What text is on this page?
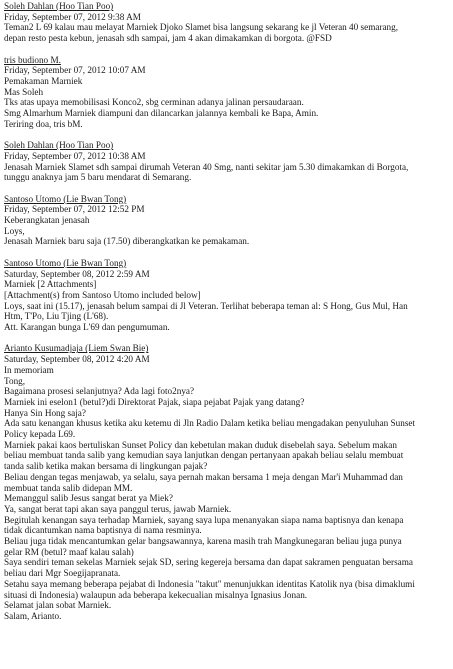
Soleh Dahlan (Hoo Tian Poo)
Friday, September 07, 2012 9:38 AM
Teman2 L 69 kalau mau melayat Marniek Djoko Slamet bisa langsung sekarang ke jl Veteran 40 semarang,
depan resto pesta kebun, jenasah sdh sampai, jam 4 akan dimakamkan di borgota. @FSD
tris budiono M.
Friday, September 07, 2012 10:07 AM
Pemakaman Marniek
Mas Soleh
Tks atas upaya memobilisasi Konco2, sbg cerminan adanya jalinan persaudaraan.
Smg Almarhum Marniek diampuni dan dilancarkan jalannya kembali ke Bapa, Amin.
Teriring doa, tris bM.
Soleh Dahlan (Hoo Tian Poo)
Friday, September 07, 2012 10:38 AM
Jenasah Marniek Slamet sdh sampai dirumah Veteran 40 Smg, nanti sekitar jam 5.30 dimakamkan di Borgota,
tunggu anaknya jam 5 baru mendarat di Semarang.
Santoso Utomo (Lie Bwan Tong)
Friday, September 07, 2012 12:52 PM
Keberangkatan jenasah
Loys,
Jenasah Marniek baru saja (17.50) diberangkatkan ke pemakaman.
Santoso Utomo (Lie Bwan Tong)
Saturday, September 08, 2012 2:59 AM
Marniek [2 Attachments]
[Attachment(s) from Santoso Utomo included below]
Loys, saat ini (15.17), jenasah belum sampai di Jl Veteran. Terlihat beberapa teman al: S Hong, Gus Mul, Han
Htm, T'Po, Liu Tjing (L'68).
Att. Karangan bunga L'69 dan pengumuman.
Arianto Kusumadjaja (Liem Swan Bie)
Saturday, September 08, 2012 4:20 AM
In memoriam
Tong,
Bagaimana prosesi selanjutnya? Ada lagi foto2nya?
Marniek ini eselon1 (betul?)di Direktorat Pajak, siapa pejabat Pajak yang datang?
Hanya Sin Hong saja?
Ada satu kenangan khusus ketika aku ketemu di Jln Radio Dalam ketika beliau mengadakan penyuluhan Sunset
Policy kepada L69.
Marniek pakai kaos bertuliskan Sunset Policy dan kebetulan makan duduk disebelah saya. Sebelum makan
beliau membuat tanda salib yang kemudian saya lanjutkan dengan pertanyaan apakah beliau selalu membuat
tanda salib ketika makan bersama di lingkungan pajak?
Beliau dengan tegas menjawab, ya selalu, saya pernah makan bersama 1 meja dengan Mar'i Muhammad dan
membuat tanda salib didepan MM.
Memanggul salib Jesus sangat berat ya Miek?
Ya, sangat berat tapi akan saya panggul terus, jawab Marniek.
Begitulah kenangan saya terhadap Marniek, sayang saya lupa menanyakan siapa nama baptisnya dan kenapa
tidak dicantumkan nama baptisnya di nama resminya.
Beliau juga tidak mencantumkan gelar bangsawannya, karena masih trah Mangkunegaran beliau juga punya
gelar RM (betul? maaf kalau salah)
Saya sendiri teman sekelas Marniek sejak SD, sering kegereja bersama dan dapat sakramen penguatan bersama
beliau dari Mgr Soegijapranata.
Setahu saya memang beberapa pejabat di Indonesia "takut" menunjukkan identitas Katolik nya (bisa dimaklumi
situasi di Indonesia) walaupun ada beberapa kekecualian misalnya Ignasius Jonan.
Selamat jalan sobat Marniek.
Salam, Arianto.
